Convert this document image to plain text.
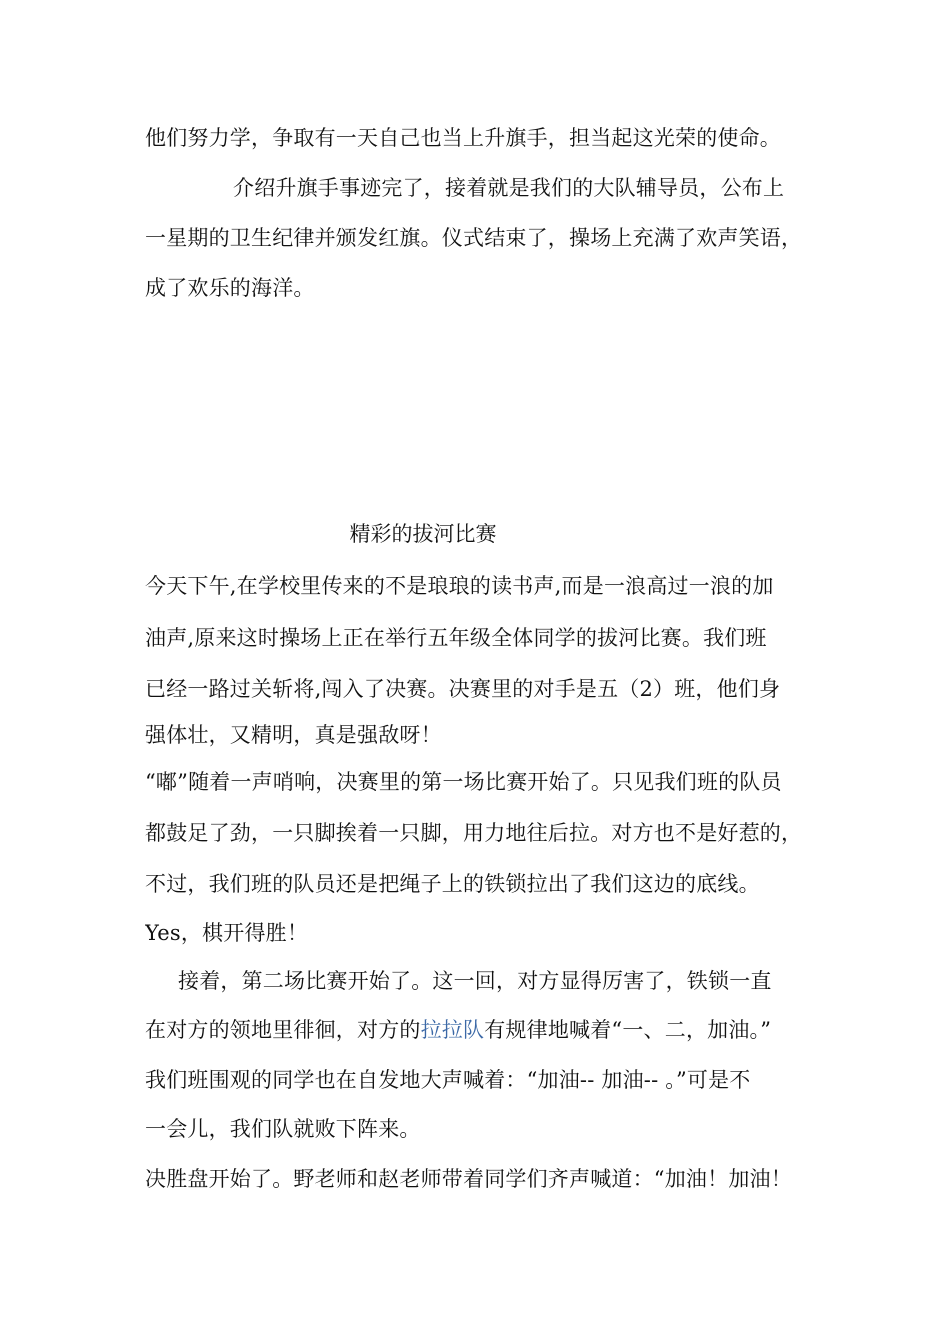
他们努力学，争取有一天自己也当上升旗手，担当起这光荣的使命。
介绍升旗手事迹完了，接着就是我们的大队辅导员，公布上
一星期的卫生纪律并颁发红旗。仪式结束了，操场上充满了欢声笑语，
成了欢乐的海洋。
精彩的拔河比赛
今天下午,在学校里传来的不是琅琅的读书声,而是一浪高过一浪的加
油声,原来这时操场上正在举行五年级全体同学的拔河比赛。我们班
已经一路过关斩将,闯入了决赛。决赛里的对手是五（2）班，他们身
强体壮，又精明，真是强敌呀！
“嘟”随着一声哨响，决赛里的第一场比赛开始了。只见我们班的队员
都鼓足了劲，一只脚挨着一只脚，用力地往后拉。对方也不是好惹的，
不过，我们班的队员还是把绳子上的铁锁拉出了我们这边的底线。
Yes，棋开得胜！
接着，第二场比赛开始了。这一回，对方显得厉害了，铁锁一直
在对方的领地里徘徊，对方的拉拉队有规律地喊着“一、二，加油。”
我们班围观的同学也在自发地大声喊着：“加油-- 加油-- 。”可是不
一会儿，我们队就败下阵来。
决胜盘开始了。野老师和赵老师带着同学们齐声喊道：“加油！加油！
